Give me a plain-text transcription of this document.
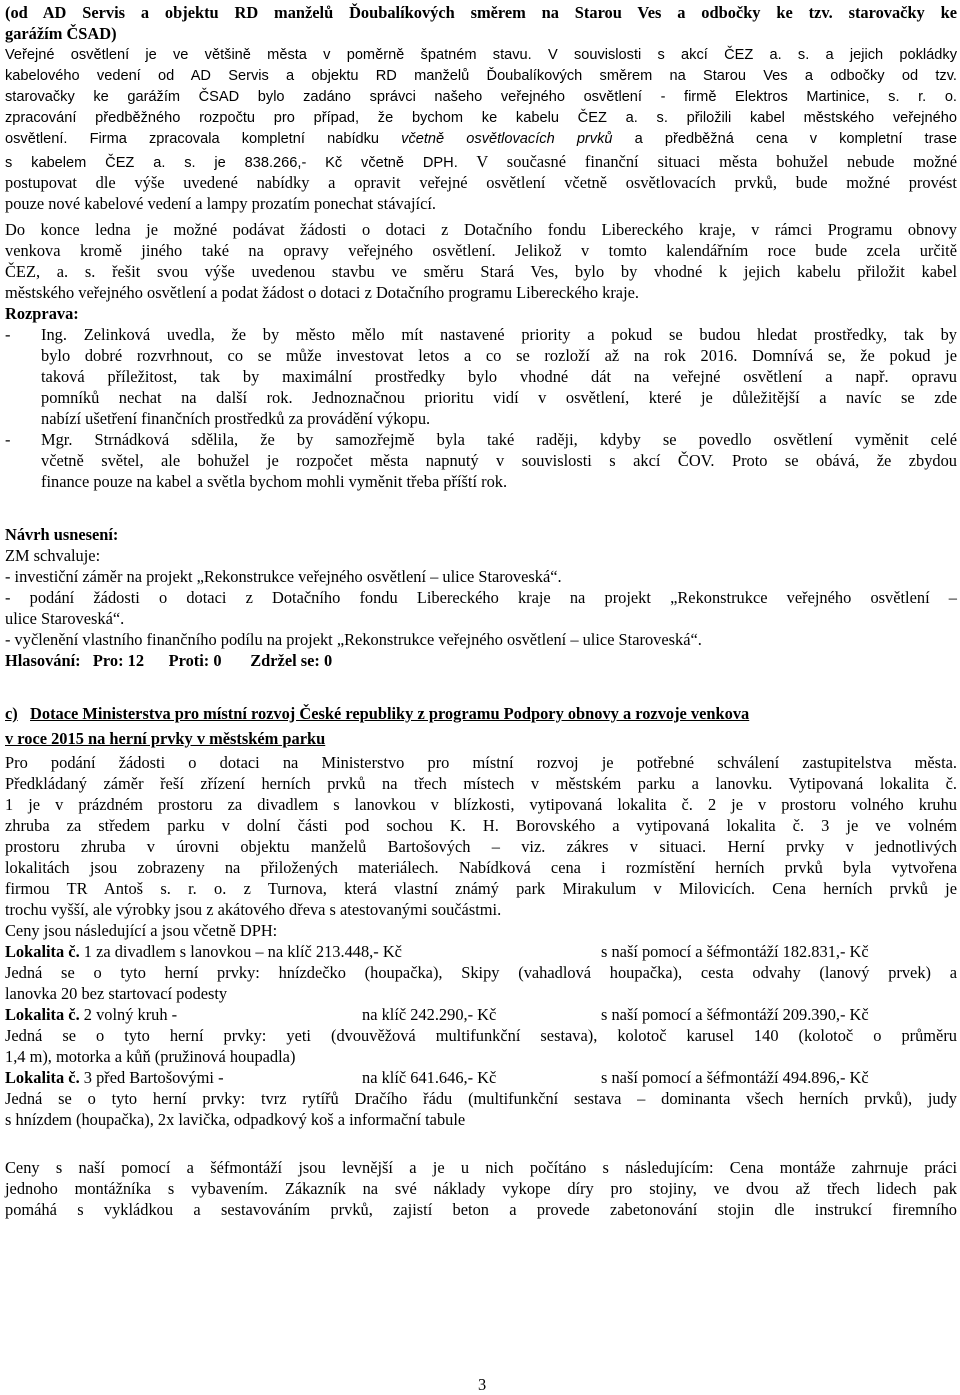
(od AD Servis a objektu RD manželů Ďoubalíkových směrem na Starou Ves a odbočky ke tzv. starovačky ke
garážím ČSAD)
Veřejné osvětlení je ve většině města v poměrně špatném stavu. V souvislosti s akcí ČEZ a. s. a jejich pokládky
kabelového vedení od AD Servis a objektu RD manželů Ďoubalíkových směrem na Starou Ves a odbočky od tzv.
starovačky ke garážím ČSAD bylo zadáno správci našeho veřejného osvětlení - firmě Elektros Martinice, s. r. o.
zpracování předběžného rozpočtu pro případ, že bychom ke kabelu ČEZ a. s. přiložili kabel městského veřejného
osvětlení. Firma zpracovala kompletní nabídku včetně osvětlovacích prvků a předběžná cena v kompletní trase
s kabelem ČEZ a. s. je 838.266,- Kč včetně DPH. V současné finanční situaci města bohužel nebude možné
postupovat dle výše uvedené nabídky a opravit veřejné osvětlení včetně osvětlovacích prvků, bude možné provést
pouze nové kabelové vedení a lampy prozatím ponechat stávající.
Do konce ledna je možné podávat žádosti o dotaci z Dotačního fondu Libereckého kraje, v rámci Programu obnovy
venkova kromě jiného také na opravy veřejného osvětlení. Jelikož v tomto kalendářním roce bude zcela určitě
ČEZ, a. s. řešit svou výše uvedenou stavbu ve směru Stará Ves, bylo by vhodné k jejich kabelu přiložit kabel
městského veřejného osvětlení a podat žádost o dotaci z Dotačního programu Libereckého kraje.
Rozprava:
- Ing. Zelinková uvedla, že by město mělo mít nastavené priority a pokud se budou hledat prostředky, tak by
bylo dobré rozvrhnout, co se může investovat letos a co se rozloží až na rok 2016. Domnívá se, že pokud je
taková příležitost, tak by maximální prostředky bylo vhodné dát na veřejné osvětlení a např. opravu
pomníků nechat na další rok. Jednoznačnou prioritu vidí v osvětlení, které je důležitější a navíc se zde
nabízí ušetření finančních prostředků za provádění výkopu.
- Mgr. Strnádková sdělila, že by samozřejmě byla také raději, kdyby se povedlo osvětlení vyměnit celé
včetně světel, ale bohužel je rozpočet města napnutý v souvislosti s akcí ČOV. Proto se obává, že zbydou
finance pouze na kabel a světla bychom mohli vyměnit třeba příští rok.
Návrh usnesení:
ZM schvaluje:
- investiční záměr na projekt „Rekonstrukce veřejného osvětlení – ulice Staroveská“.
- podání žádosti o dotaci z Dotačního fondu Libereckého kraje na projekt „Rekonstrukce veřejného osvětlení –
ulice Staroveská“.
- vyčlenění vlastního finančního podílu na projekt „Rekonstrukce veřejného osvětlení – ulice Staroveská“.
Hlasování:   Pro: 12      Proti: 0       Zdržel se: 0
c) Dotace Ministerstva pro místní rozvoj České republiky z programu Podpory obnovy a rozvoje venkova
v roce 2015 na herní prvky v městském parku
Pro podání žádosti o dotaci na Ministerstvo pro místní rozvoj je potřebné schválení zastupitelstva města.
Předkládaný záměr řeší zřízení herních prvků na třech místech v městském parku a lanovku. Vytipovaná lokalita č.
1 je v prázdném prostoru za divadlem s lanovkou v blízkosti, vytipovaná lokalita č. 2 je v prostoru volného kruhu
zhruba za středem parku v dolní části pod sochou K. H. Borovského a vytipovaná lokalita č. 3 je ve volném
prostoru zhruba v úrovni objektu manželů Bartošových – viz. zákres v situaci. Herní prvky v jednotlivých
lokalitách jsou zobrazeny na přiložených materiálech. Nabídková cena i rozmístění herních prvků byla vytvořena
firmou TR Antoš s. r. o. z Turnova, která vlastní známý park Mirakulum v Milovicích. Cena herních prvků je
trochu vyšší, ale výrobky jsou z akátového dřeva s atestovanými součástmi.
Ceny jsou následující a jsou včetně DPH:
Lokalita č. 1 za divadlem s lanovkou – na klíč 213.448,- Kč	s naší pomocí a šéfmontáží 182.831,- Kč
Jedná se o tyto herní prvky: hnízdečko (houpačka), Skipy (vahadlová houpačka), cesta odvahy (lanový prvek) a
lanovka 20 bez startovací podesty
Lokalita č. 2 volný kruh -	na klíč 242.290,- Kč	s naší pomocí a šéfmontáží 209.390,- Kč
Jedná se o tyto herní prvky: yeti (dvouvěžová multifunkční sestava), kolotoč karusel 140 (kolotoč o průměru
1,4 m), motorka a kůň (pružinová houpadla)
Lokalita č. 3 před Bartošovými -	na klíč 641.646,- Kč	s naší pomocí a šéfmontáží 494.896,- Kč
Jedná se o tyto herní prvky: tvrz rytířů Dračího řádu (multifunkční sestava – dominanta všech herních prvků), judy
s hnízdem (houpačka), 2x lavička, odpadkový koš a informační tabule
Ceny s naší pomocí a šéfmontáží jsou levnější a je u nich počítáno s následujícím: Cena montáže zahrnuje práci
jednoho montážníka s vybavením. Zákazník na své náklady vykope díry pro stojiny, ve dvou až třech lidech pak
pomáhá s vykládkou a sestavováním prvků, zajistí beton a provede zabetonování stojin dle instrukcí firemního
3
